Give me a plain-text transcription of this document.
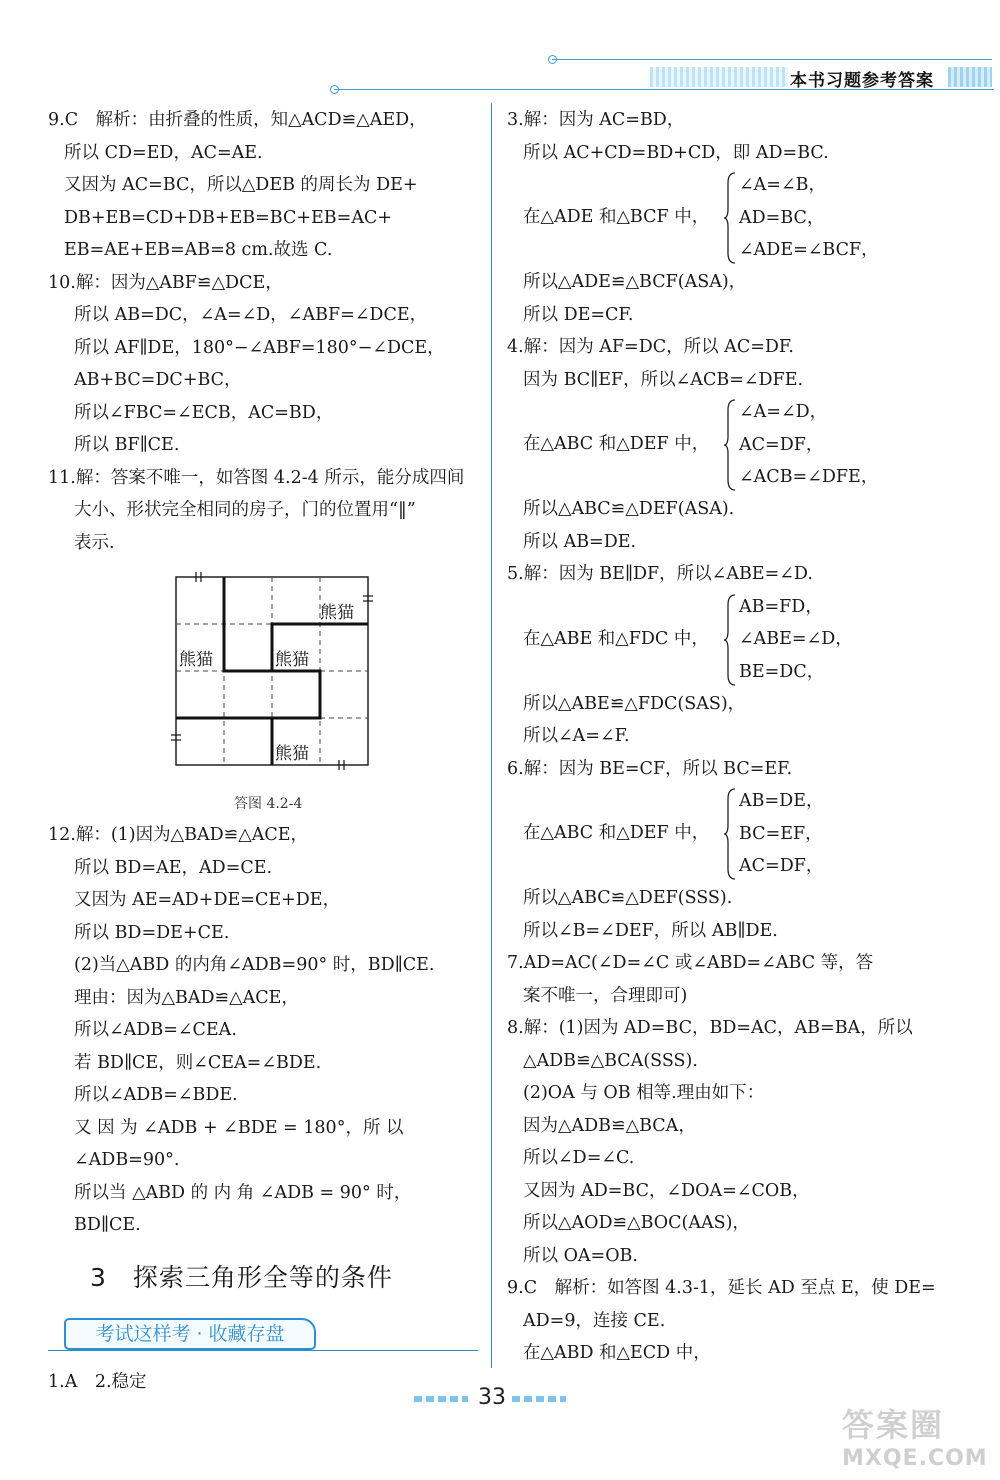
本书习题参考答案
9.C　解析：由折叠的性质，知△ACD≌△AED，
所以 CD=ED，AC=AE.
又因为 AC=BC，所以△DEB 的周长为 DE+
DB+EB=CD+DB+EB=BC+EB=AC+
EB=AE+EB=AB=8 cm.故选 C.
10.解：因为△ABF≌△DCE，
所以 AB=DC，∠A=∠D，∠ABF=∠DCE，
所以 AF∥DE，180°−∠ABF=180°−∠DCE，
AB+BC=DC+BC，
所以∠FBC=∠ECB，AC=BD，
所以 BF∥CE.
11.解：答案不唯一，如答图 4.2-4 所示，能分成四间
大小、形状完全相同的房子，门的位置用“‖”
表示.
熊猫
熊猫	熊猫
熊猫
答图 4.2-4
12.解：(1)因为△BAD≌△ACE，
所以 BD=AE，AD=CE.
又因为 AE=AD+DE=CE+DE，
所以 BD=DE+CE.
(2)当△ABD 的内角∠ADB=90° 时，BD∥CE.
理由：因为△BAD≌△ACE，
所以∠ADB=∠CEA.
若 BD∥CE，则∠CEA=∠BDE.
所以∠ADB=∠BDE.
又 因 为 ∠ADB + ∠BDE = 180°，所 以
∠ADB=90°.
所以当 △ABD 的 内 角 ∠ADB = 90° 时，
BD∥CE.
3　探索三角形全等的条件
考试这样考 · 收藏存盘
1.A　2.稳定
3.解：因为 AC=BD，
所以 AC+CD=BD+CD，即 AD=BC.
在△ADE 和△BCF 中，
∠A=∠B，
AD=BC，
∠ADE=∠BCF，
所以△ADE≌△BCF(ASA)，
所以 DE=CF.
4.解：因为 AF=DC，所以 AC=DF.
因为 BC∥EF，所以∠ACB=∠DFE.
在△ABC 和△DEF 中，
∠A=∠D，
AC=DF，
∠ACB=∠DFE，
所以△ABC≌△DEF(ASA).
所以 AB=DE.
5.解：因为 BE∥DF，所以∠ABE=∠D.
在△ABE 和△FDC 中，
AB=FD，
∠ABE=∠D，
BE=DC，
所以△ABE≌△FDC(SAS)，
所以∠A=∠F.
6.解：因为 BE=CF，所以 BC=EF.
在△ABC 和△DEF 中，
AB=DE，
BC=EF，
AC=DF，
所以△ABC≌△DEF(SSS).
所以∠B=∠DEF，所以 AB∥DE.
7.AD=AC(∠D=∠C 或∠ABD=∠ABC 等，答
案不唯一，合理即可)
8.解：(1)因为 AD=BC，BD=AC，AB=BA，所以
△ADB≌△BCA(SSS).
(2)OA 与 OB 相等.理由如下：
因为△ADB≌△BCA，
所以∠D=∠C.
又因为 AD=BC，∠DOA=∠COB，
所以△AOD≌△BOC(AAS)，
所以 OA=OB.
9.C　解析：如答图 4.3-1，延长 AD 至点 E，使 DE=
AD=9，连接 CE.
在△ABD 和△ECD 中，
33
答案圈
MXQE.COM
